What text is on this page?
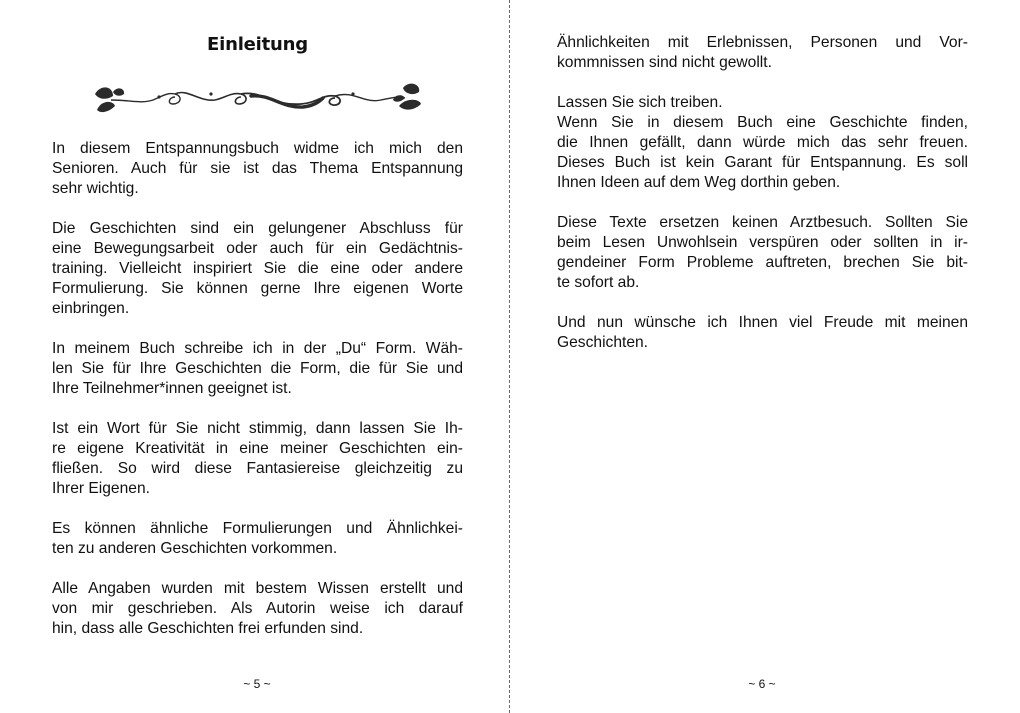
Einleitung

In diesem Entspannungsbuch widme ich mich den
Senioren. Auch für sie ist das Thema Entspannung
sehr wichtig.

Die Geschichten sind ein gelungener Abschluss für
eine Bewegungsarbeit oder auch für ein Gedächtnis-
training. Vielleicht inspiriert Sie die eine oder andere
Formulierung. Sie können gerne Ihre eigenen Worte
einbringen.

In meinem Buch schreibe ich in der „Du“ Form. Wäh-
len Sie für Ihre Geschichten die Form, die für Sie und
Ihre Teilnehmer*innen geeignet ist.

Ist ein Wort für Sie nicht stimmig, dann lassen Sie Ih-
re eigene Kreativität in eine meiner Geschichten ein-
fließen. So wird diese Fantasiereise gleichzeitig zu
Ihrer Eigenen.

Es können ähnliche Formulierungen und Ähnlichkei-
ten zu anderen Geschichten vorkommen.

Alle Angaben wurden mit bestem Wissen erstellt und
von mir geschrieben. Als Autorin weise ich darauf
hin, dass alle Geschichten frei erfunden sind.

~ 5 ~

Ähnlichkeiten mit Erlebnissen, Personen und Vor-
kommnissen sind nicht gewollt.

Lassen Sie sich treiben.
Wenn Sie in diesem Buch eine Geschichte finden,
die Ihnen gefällt, dann würde mich das sehr freuen.
Dieses Buch ist kein Garant für Entspannung. Es soll
Ihnen Ideen auf dem Weg dorthin geben.

Diese Texte ersetzen keinen Arztbesuch. Sollten Sie
beim Lesen Unwohlsein verspüren oder sollten in ir-
gendeiner Form Probleme auftreten, brechen Sie bit-
te sofort ab.

Und nun wünsche ich Ihnen viel Freude mit meinen
Geschichten.

~ 6 ~
